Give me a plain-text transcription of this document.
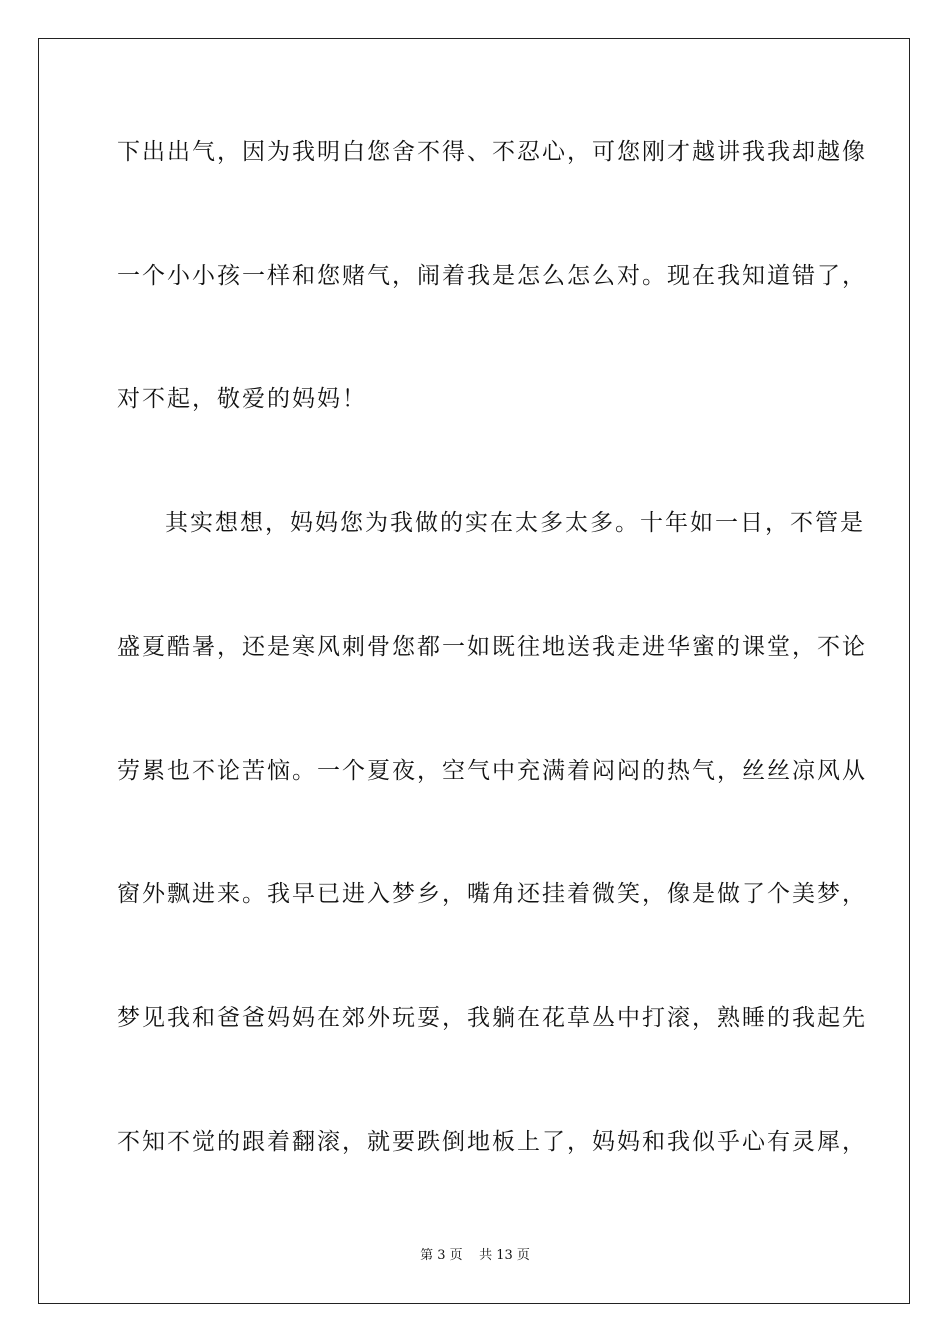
下出出气，因为我明白您舍不得、不忍心，可您刚才越讲我我却越像
一个小小孩一样和您赌气，闹着我是怎么怎么对。现在我知道错了，
对不起，敬爱的妈妈！
其实想想，妈妈您为我做的实在太多太多。十年如一日，不管是
盛夏酷暑，还是寒风刺骨您都一如既往地送我走进华蜜的课堂，不论
劳累也不论苦恼。一个夏夜，空气中充满着闷闷的热气，丝丝凉风从
窗外飘进来。我早已进入梦乡，嘴角还挂着微笑，像是做了个美梦，
梦见我和爸爸妈妈在郊外玩耍，我躺在花草丛中打滚，熟睡的我起先
不知不觉的跟着翻滚，就要跌倒地板上了，妈妈和我似乎心有灵犀，
第 3 页    共 13 页
